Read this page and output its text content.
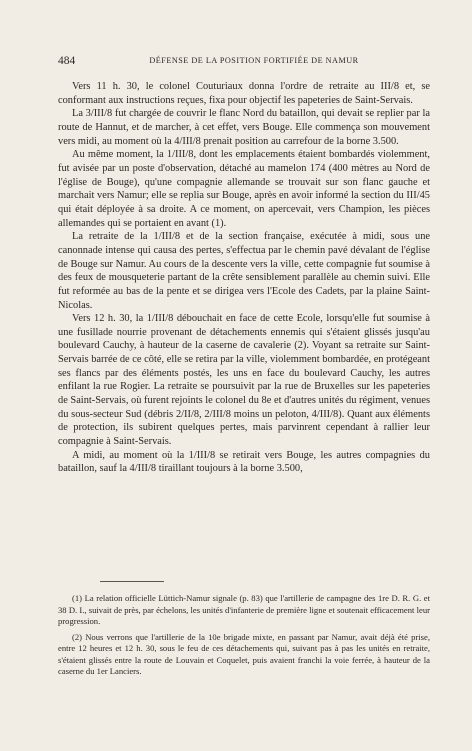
484	DÉFENSE DE LA POSITION FORTIFIÉE DE NAMUR

Vers 11 h. 30, le colonel Couturiaux donna l'ordre de retraite au III/8 et, se conformant aux instructions reçues, fixa pour objectif les papeteries de Saint-Servais.

La 3/III/8 fut chargée de couvrir le flanc Nord du bataillon, qui devait se replier par la route de Hannut, et de marcher, à cet effet, vers Bouge. Elle commença son mouvement vers midi, au moment où la 4/III/8 prenait position au carrefour de la borne 3.500.

Au même moment, la 1/III/8, dont les emplacements étaient bombardés violemment, fut avisée par un poste d'observation, détaché au mamelon 174 (400 mètres au Nord de l'église de Bouge), qu'une compagnie allemande se trouvait sur son flanc gauche et marchait vers Namur; elle se replia sur Bouge, après en avoir informé la section du III/45 qui était déployée à sa droite. A ce moment, on apercevait, vers Champion, les pièces allemandes qui se portaient en avant (1).

La retraite de la 1/III/8 et de la section française, exécutée à midi, sous une canonnade intense qui causa des pertes, s'effectua par le chemin pavé dévalant de l'église de Bouge sur Namur. Au cours de la descente vers la ville, cette compagnie fut soumise à des feux de mousqueterie partant de la crête sensiblement parallèle au chemin suivi. Elle fut reformée au bas de la pente et se dirigea vers l'Ecole des Cadets, par la plaine Saint-Nicolas.

Vers 12 h. 30, la 1/III/8 débouchait en face de cette Ecole, lorsqu'elle fut soumise à une fusillade nourrie provenant de détachements ennemis qui s'étaient glissés jusqu'au boulevard Cauchy, à hauteur de la caserne de cavalerie (2). Voyant sa retraite sur Saint-Servais barrée de ce côté, elle se retira par la ville, violemment bombardée, en protégeant ses flancs par des éléments postés, les uns en face du boulevard Cauchy, les autres enfilant la rue Rogier. La retraite se poursuivit par la rue de Bruxelles sur les papeteries de Saint-Servais, où furent rejoints le colonel du 8e et d'autres unités du régiment, venues du sous-secteur Sud (débris 2/II/8, 2/III/8 moins un peloton, 4/III/8). Quant aux éléments de protection, ils subirent quelques pertes, mais parvinrent cependant à rallier leur compagnie à Saint-Servais.

A midi, au moment où la 1/III/8 se retirait vers Bouge, les autres compagnies du bataillon, sauf la 4/III/8 tiraillant toujours à la borne 3.500,

(1) La relation officielle Lüttich-Namur signale (p. 83) que l'artillerie de campagne des 1re D. R. G. et 38 D. I., suivait de près, par échelons, les unités d'infanterie de première ligne et soutenait efficacement leur progression.

(2) Nous verrons que l'artillerie de la 10e brigade mixte, en passant par Namur, avait déjà été prise, entre 12 heures et 12 h. 30, sous le feu de ces détachements qui, suivant pas à pas les unités en retraite, s'étaient glissés entre la route de Louvain et Coquelet, puis avaient franchi la voie ferrée, à hauteur de la caserne du 1er Lanciers.
